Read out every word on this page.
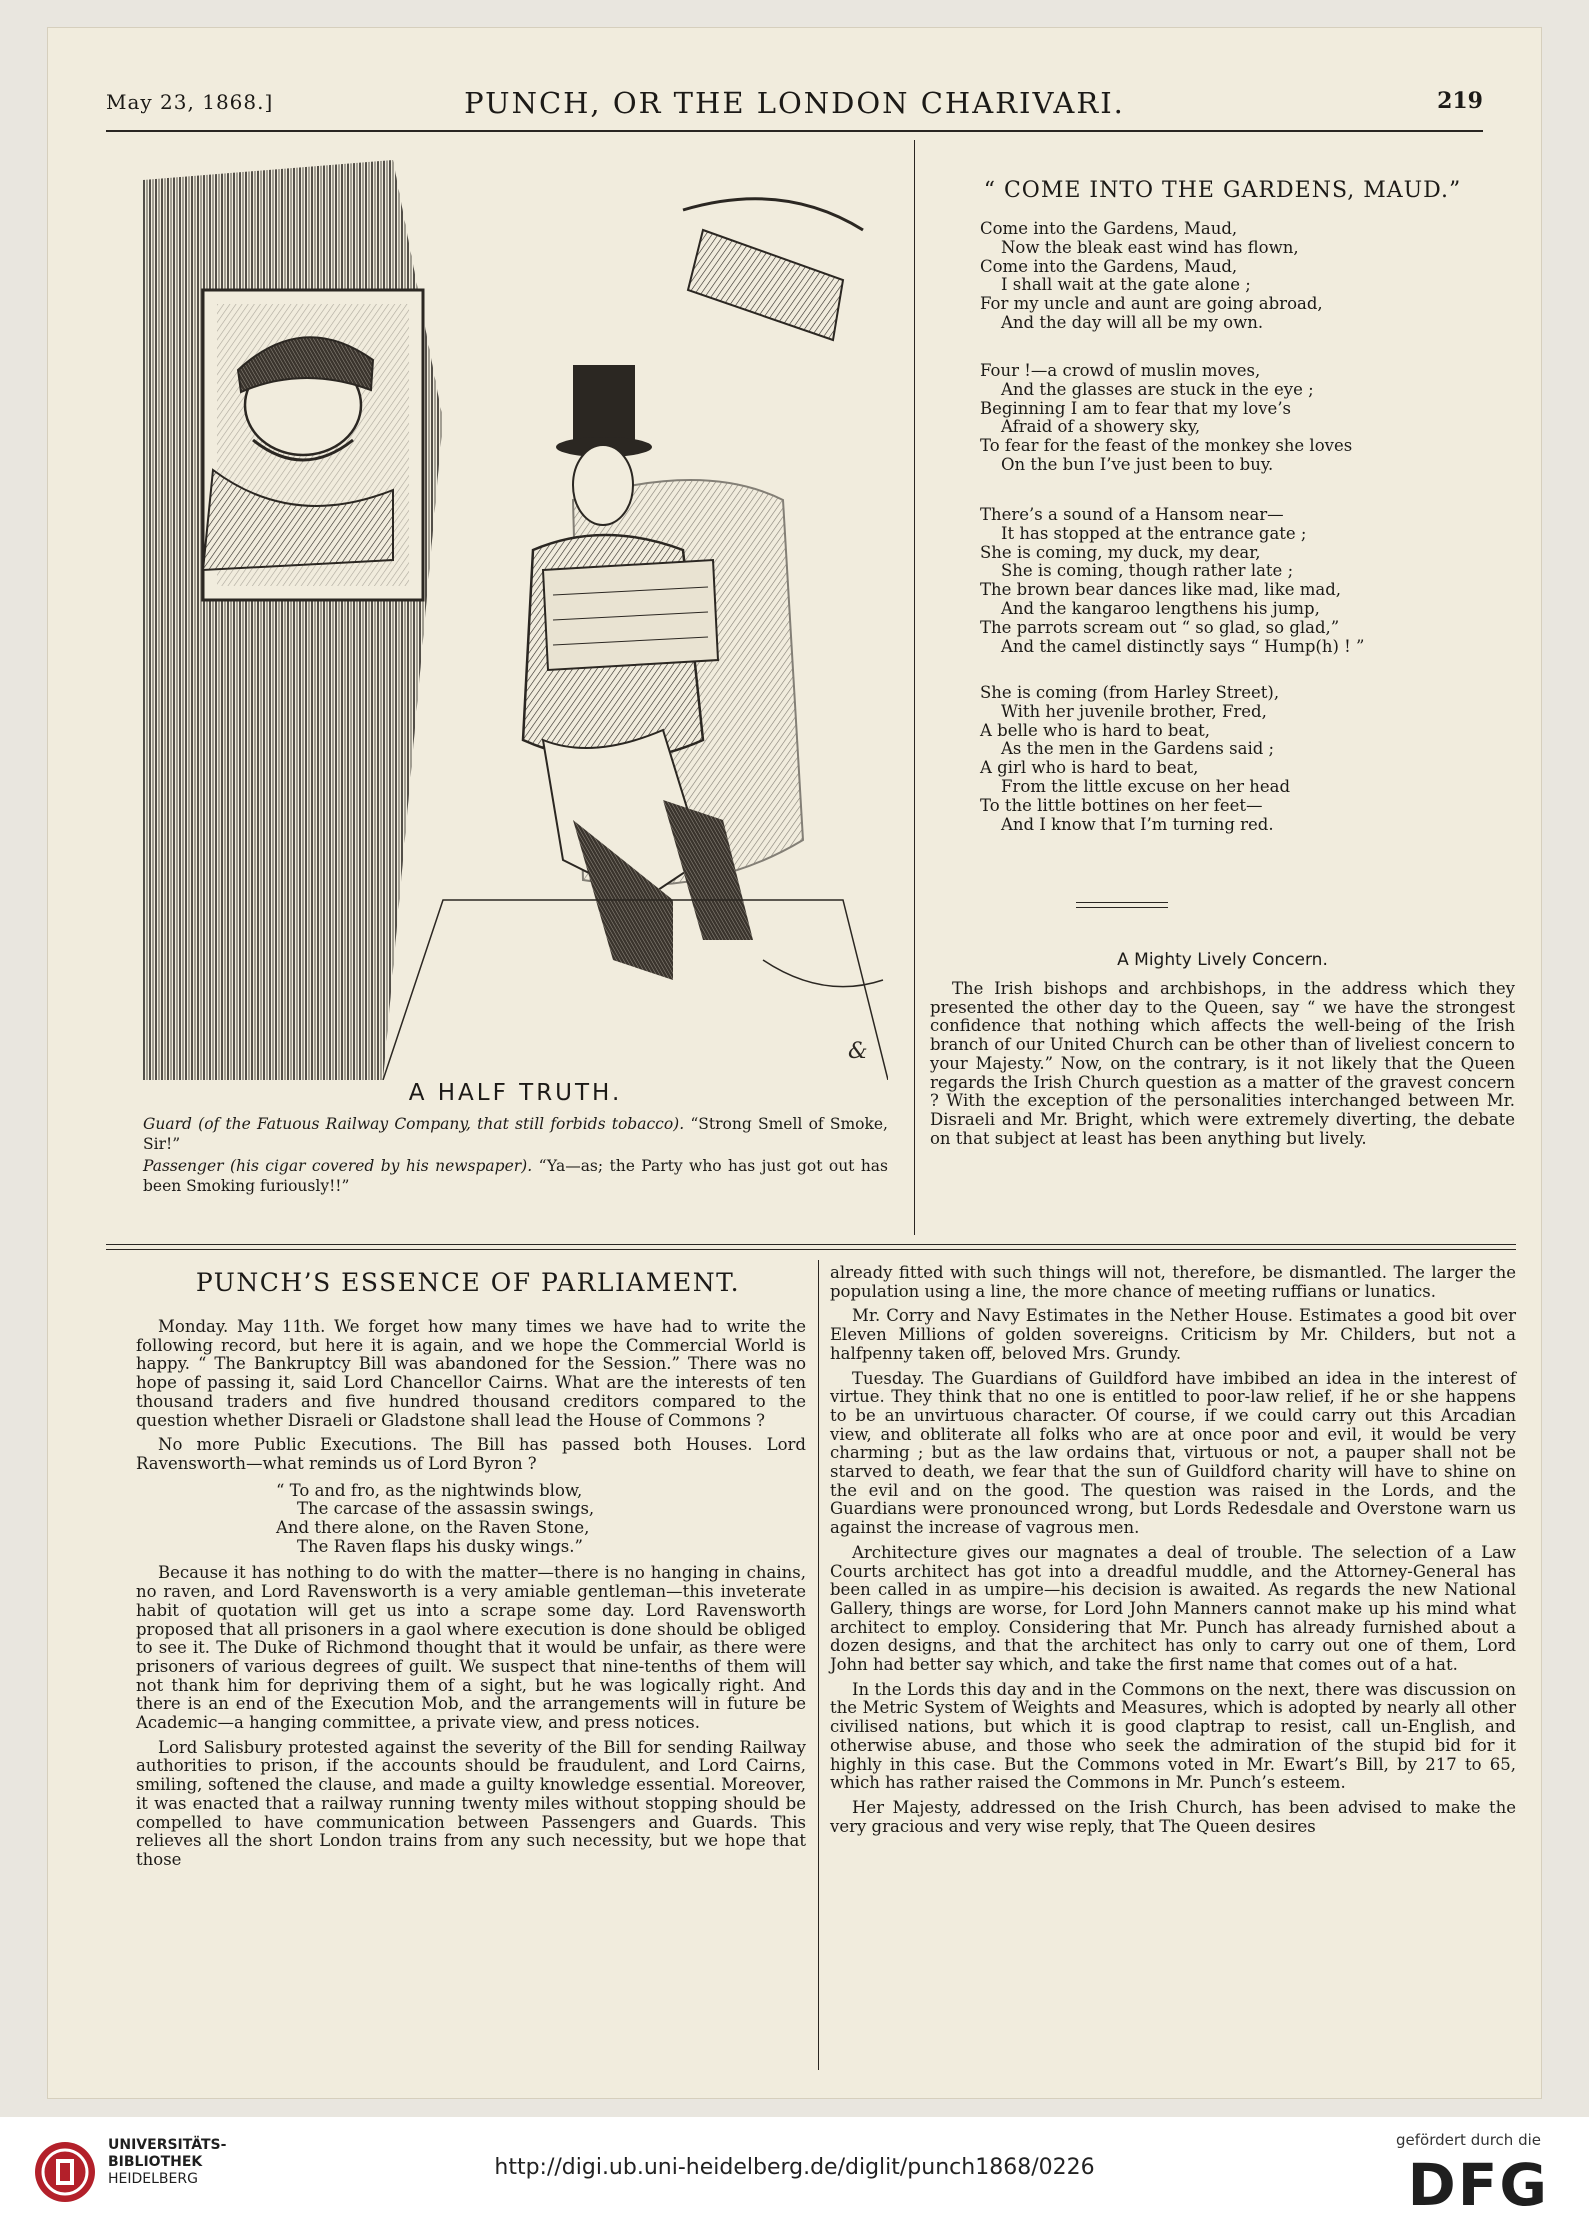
May 23, 1868.]	PUNCH, OR THE LONDON CHARIVARI.	219
&
A HALF TRUTH.
Guard (of the Fatuous Railway Company, that still forbids tobacco). “Strong Smell of Smoke, Sir!”
Passenger (his cigar covered by his newspaper). “Ya—as; the Party who has just got out has been Smoking furiously!!”
“ COME INTO THE GARDENS, MAUD.”
Come into the Gardens, Maud,
Now the bleak east wind has flown,
Come into the Gardens, Maud,
I shall wait at the gate alone ;
For my uncle and aunt are going abroad,
And the day will all be my own.
Four !—a crowd of muslin moves,
And the glasses are stuck in the eye ;
Beginning I am to fear that my love’s
Afraid of a showery sky,
To fear for the feast of the monkey she loves
On the bun I’ve just been to buy.
There’s a sound of a Hansom near—
It has stopped at the entrance gate ;
She is coming, my duck, my dear,
She is coming, though rather late ;
The brown bear dances like mad, like mad,
And the kangaroo lengthens his jump,
The parrots scream out “ so glad, so glad,”
And the camel distinctly says “ Hump(h) ! ”
She is coming (from Harley Street),
With her juvenile brother, Fred,
A belle who is hard to beat,
As the men in the Gardens said ;
A girl who is hard to beat,
From the little excuse on her head
To the little bottines on her feet—
And I know that I’m turning red.
A Mighty Lively Concern.

The Irish bishops and archbishops, in the address which they presented the other day to the Queen, say “ we have the strongest confidence that nothing which affects the well-being of the Irish branch of our United Church can be other than of liveliest concern to your Majesty.” Now, on the contrary, is it not likely that the Queen regards the Irish Church question as a matter of the gravest concern ? With the exception of the personalities interchanged between Mr. Disraeli and Mr. Bright, which were extremely diverting, the debate on that subject at least has been anything but lively.

PUNCH’S ESSENCE OF PARLIAMENT.

Monday. May 11th. We forget how many times we have had to write the following record, but here it is again, and we hope the Commercial World is happy. “ The Bankruptcy Bill was abandoned for the Session.” There was no hope of passing it, said Lord Chancellor Cairns. What are the interests of ten thousand traders and five hundred thousand creditors compared to the question whether Disraeli or Gladstone shall lead the House of Commons ?

No more Public Executions. The Bill has passed both Houses. Lord Ravensworth—what reminds us of Lord Byron ?

“ To and fro, as the nightwinds blow,
The carcase of the assassin swings,
And there alone, on the Raven Stone,
The Raven flaps his dusky wings.”

Because it has nothing to do with the matter—there is no hanging in chains, no raven, and Lord Ravensworth is a very amiable gentleman—this inveterate habit of quotation will get us into a scrape some day. Lord Ravensworth proposed that all prisoners in a gaol where execution is done should be obliged to see it. The Duke of Richmond thought that it would be unfair, as there were prisoners of various degrees of guilt. We suspect that nine-tenths of them will not thank him for depriving them of a sight, but he was logically right. And there is an end of the Execution Mob, and the arrangements will in future be Academic—a hanging committee, a private view, and press notices.

Lord Salisbury protested against the severity of the Bill for sending Railway authorities to prison, if the accounts should be fraudulent, and Lord Cairns, smiling, softened the clause, and made a guilty knowledge essential. Moreover, it was enacted that a railway running twenty miles without stopping should be compelled to have communication between Passengers and Guards. This relieves all the short London trains from any such necessity, but we hope that those

already fitted with such things will not, therefore, be dismantled. The larger the population using a line, the more chance of meeting ruffians or lunatics.

Mr. Corry and Navy Estimates in the Nether House. Estimates a good bit over Eleven Millions of golden sovereigns. Criticism by Mr. Childers, but not a halfpenny taken off, beloved Mrs. Grundy.

Tuesday. The Guardians of Guildford have imbibed an idea in the interest of virtue. They think that no one is entitled to poor-law relief, if he or she happens to be an unvirtuous character. Of course, if we could carry out this Arcadian view, and obliterate all folks who are at once poor and evil, it would be very charming ; but as the law ordains that, virtuous or not, a pauper shall not be starved to death, we fear that the sun of Guildford charity will have to shine on the evil and on the good. The question was raised in the Lords, and the Guardians were pronounced wrong, but Lords Redesdale and Overstone warn us against the increase of vagrous men.

Architecture gives our magnates a deal of trouble. The selection of a Law Courts architect has got into a dreadful muddle, and the Attorney-General has been called in as umpire—his decision is awaited. As regards the new National Gallery, things are worse, for Lord John Manners cannot make up his mind what architect to employ. Considering that Mr. Punch has already furnished about a dozen designs, and that the architect has only to carry out one of them, Lord John had better say which, and take the first name that comes out of a hat.

In the Lords this day and in the Commons on the next, there was discussion on the Metric System of Weights and Measures, which is adopted by nearly all other civilised nations, but which it is good claptrap to resist, call un-English, and otherwise abuse, and those who seek the admiration of the stupid bid for it highly in this case. But the Commons voted in Mr. Ewart’s Bill, by 217 to 65, which has rather raised the Commons in Mr. Punch’s esteem.

Her Majesty, addressed on the Irish Church, has been advised to make the very gracious and very wise reply, that The Queen desires

UNIVERSITÄTS-
BIBLIOTHEK
HEIDELBERG	http://digi.ub.uni-heidelberg.de/diglit/punch1868/0226
gefördert durch die
DFG
